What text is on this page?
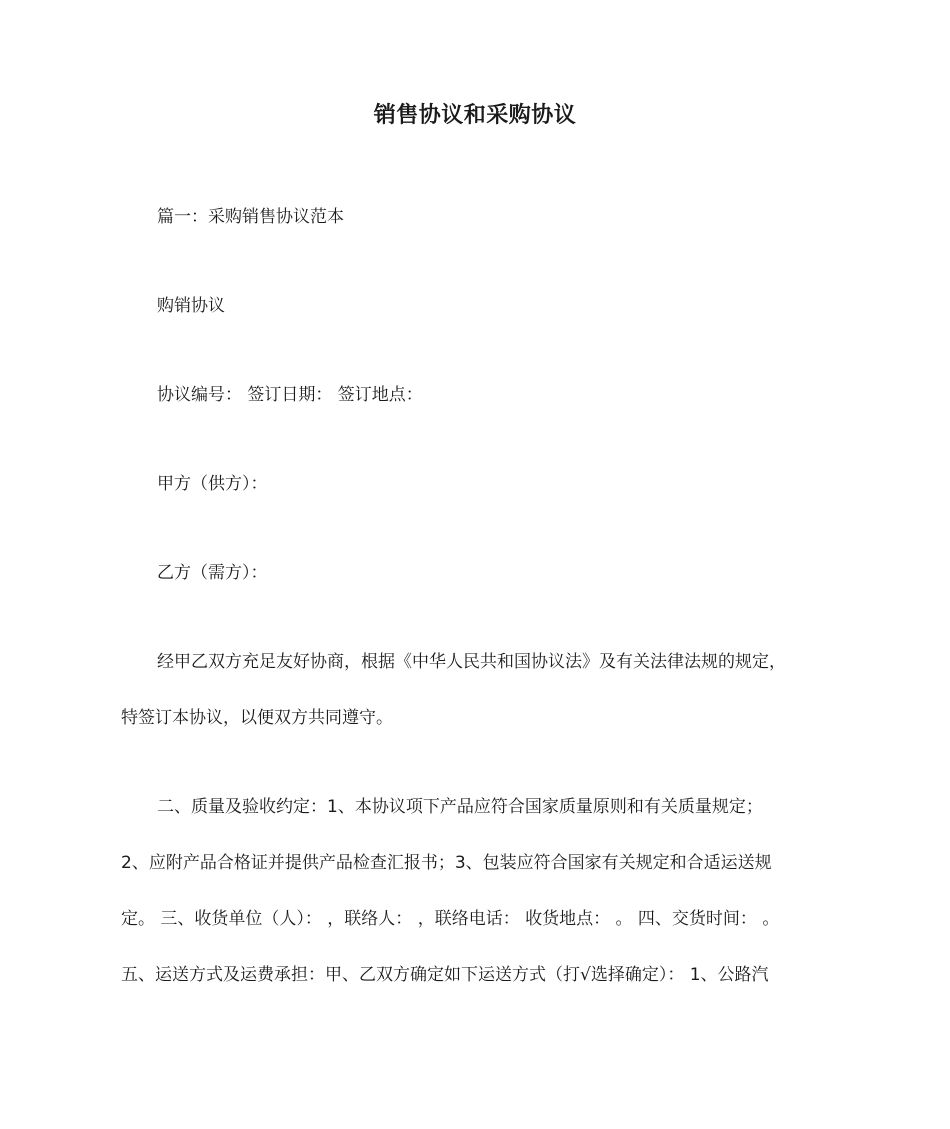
销售协议和采购协议
篇一：采购销售协议范本
购销协议
协议编号： 签订日期： 签订地点：
甲方（供方）：
乙方（需方）：
经甲乙双方充足友好协商，根据《中华人民共和国协议法》及有关法律法规的规定，
特签订本协议，以便双方共同遵守。
二、质量及验收约定：1、本协议项下产品应符合国家质量原则和有关质量规定；
2、应附产品合格证并提供产品检查汇报书；3、包装应符合国家有关规定和合适运送规
定。 三、收货单位（人）： ，联络人： ，联络电话： 收货地点： 。 四、交货时间： 。
五、运送方式及运费承担：甲、乙双方确定如下运送方式（打√选择确定）： 1、公路汽
